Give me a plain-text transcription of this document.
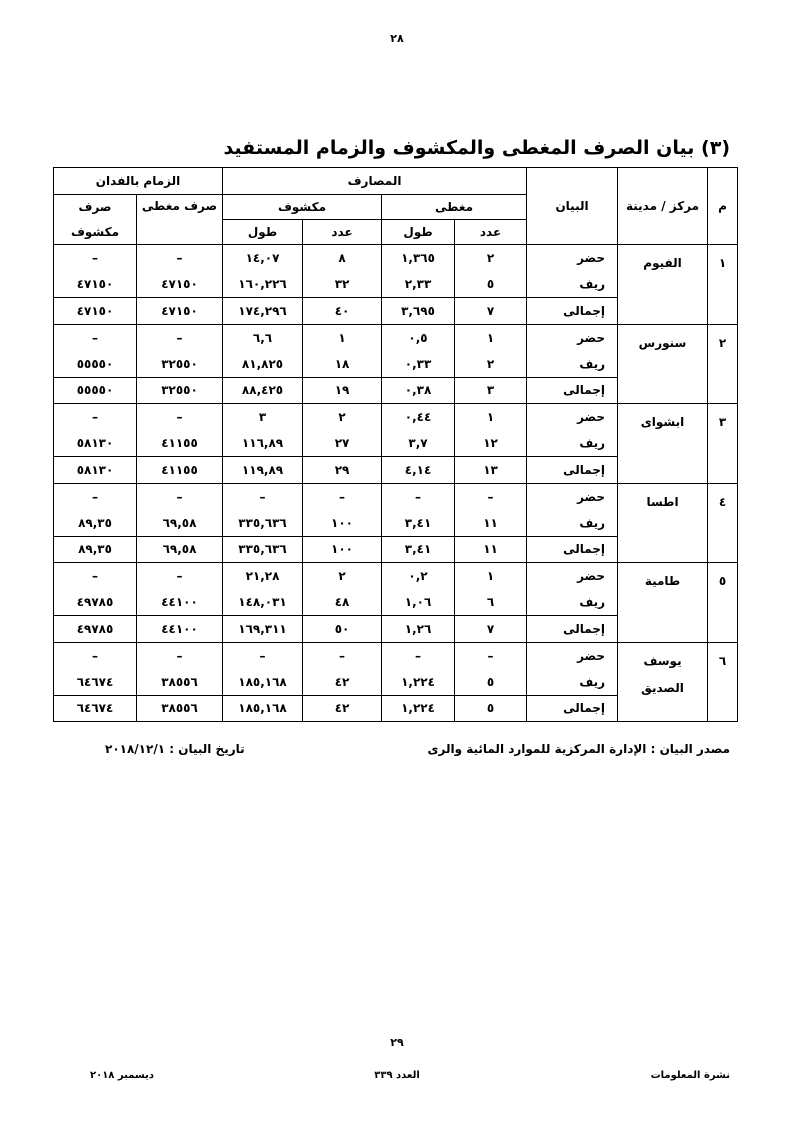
٢٨
(٣) بيان الصرف المغطى والمكشوف والزمام المستفيد
م	مركز / مدينة	البيان	المصارف				الزمام بالفدان	
			مغطى		مكشوف		صرف مغطى	صرف
			عدد	طول	عدد	طول		مكشوف
١	الفيوم	حضر	٢	١,٣٦٥	٨	١٤,٠٧	–	–
		ريف	٥	٢,٣٣	٣٢	١٦٠,٢٢٦	٤٧١٥٠	٤٧١٥٠
		إجمالى	٧	٣,٦٩٥	٤٠	١٧٤,٢٩٦	٤٧١٥٠	٤٧١٥٠
٢	سنورس	حضر	١	٠,٥	١	٦,٦	–	–
		ريف	٢	٠,٣٣	١٨	٨١,٨٢٥	٣٢٥٥٠	٥٥٥٥٠
		إجمالى	٣	٠,٣٨	١٩	٨٨,٤٢٥	٣٢٥٥٠	٥٥٥٥٠
٣	ابشواى	حضر	١	٠,٤٤	٢	٣	–	–
		ريف	١٢	٣,٧	٢٧	١١٦,٨٩	٤١١٥٥	٥٨١٣٠
		إجمالى	١٣	٤,١٤	٢٩	١١٩,٨٩	٤١١٥٥	٥٨١٣٠
٤	اطسا	حضر	–	–	–	–	–	–
		ريف	١١	٣,٤١	١٠٠	٣٣٥,٦٣٦	٦٩,٥٨	٨٩,٣٥
		إجمالى	١١	٣,٤١	١٠٠	٣٣٥,٦٣٦	٦٩,٥٨	٨٩,٣٥
٥	طامية	حضر	١	٠,٢	٢	٢١,٢٨	–	–
		ريف	٦	١,٠٦	٤٨	١٤٨,٠٣١	٤٤١٠٠	٤٩٧٨٥
		إجمالى	٧	١,٢٦	٥٠	١٦٩,٣١١	٤٤١٠٠	٤٩٧٨٥
٦	يوسف الصديق	حضر	–	–	–	–	–	–
		ريف	٥	١,٢٢٤	٤٢	١٨٥,١٦٨	٣٨٥٥٦	٦٤٦٧٤
		إجمالى	٥	١,٢٢٤	٤٢	١٨٥,١٦٨	٣٨٥٥٦	٦٤٦٧٤
مصدر البيان : الإدارة المركزية للموارد المائية والرى
تاريخ البيان : ٢٠١٨/١٢/١
٢٩
نشرة المعلومات
العدد ٣٣٩
ديسمبر ٢٠١٨
